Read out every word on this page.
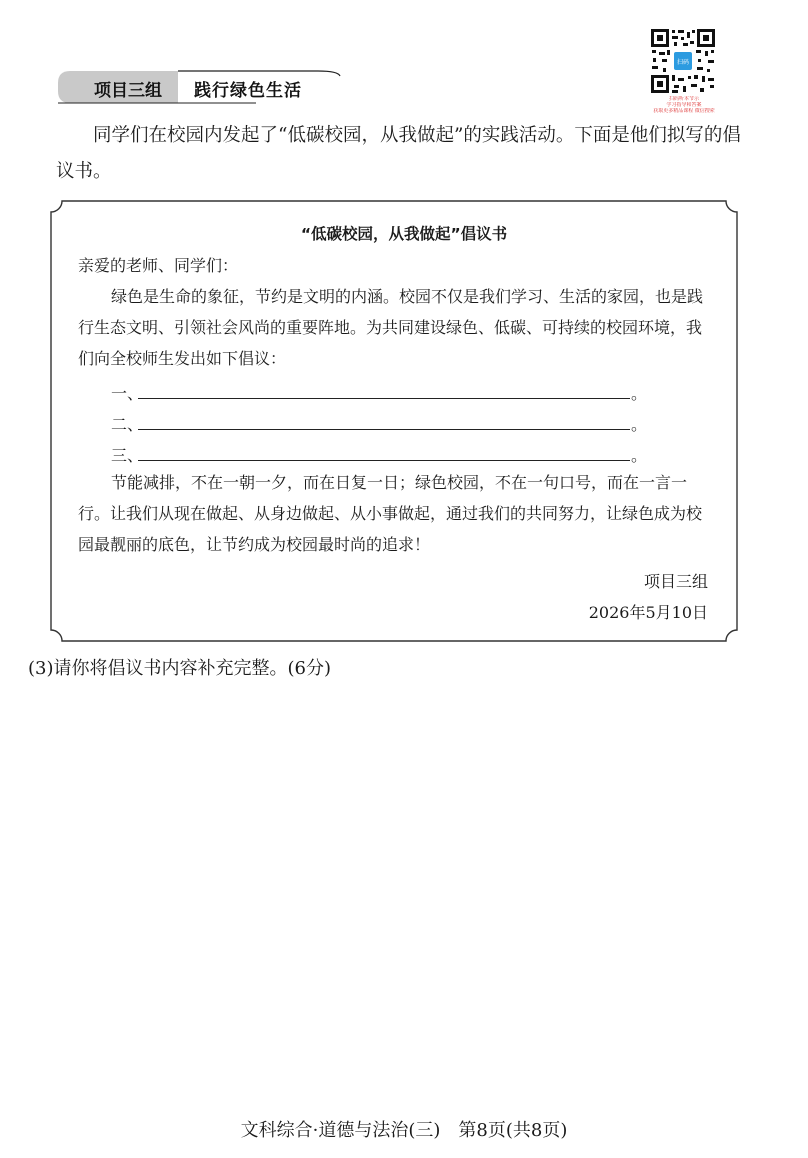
项目三组 践行绿色生活
扫码
扫码听本节示
学习指导和答案
获取更多精品课程 微信搜索
同学们在校园内发起了“低碳校园，从我做起”的实践活动。下面是他们拟写的倡议书。
“低碳校园，从我做起”倡议书
亲爱的老师、同学们：
绿色是生命的象征，节约是文明的内涵。校园不仅是我们学习、生活的家园，也是践行生态文明、引领社会风尚的重要阵地。为共同建设绿色、低碳、可持续的校园环境，我们向全校师生发出如下倡议：
一、	。
二、	。
三、	。
节能减排，不在一朝一夕，而在日复一日；绿色校园，不在一句口号，而在一言一行。让我们从现在做起、从身边做起、从小事做起，通过我们的共同努力，让绿色成为校园最靓丽的底色，让节约成为校园最时尚的追求！
项目三组
2026年5月10日
(3)请你将倡议书内容补充完整。(6分)
文科综合·道德与法治(三)　第8页(共8页)
